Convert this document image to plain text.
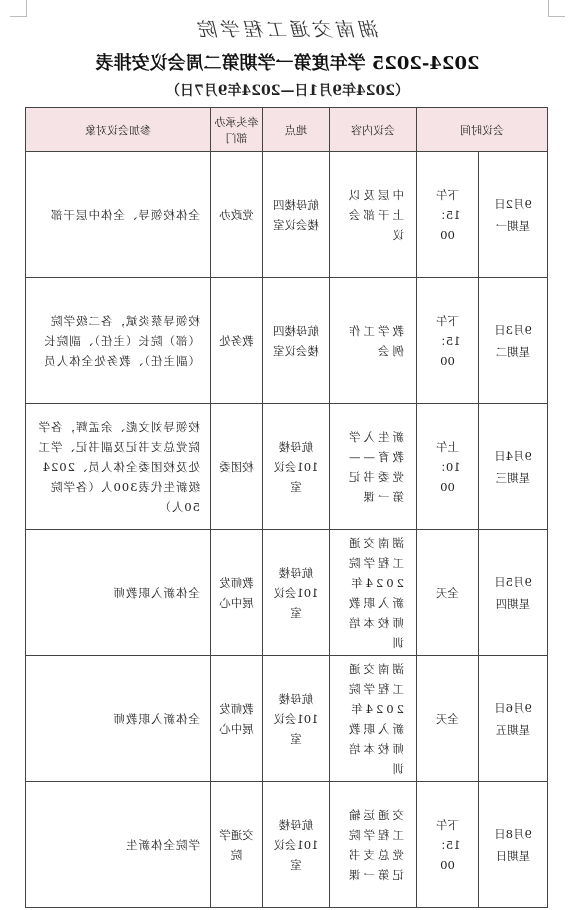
湖南交通工程学院
2024-2025 学年度第一学期第二周会议安排表
（2024年9月1日—2024年9月7日）
会议时间		会议内容	地点	牵头承办部门	参加会议对象

9月2日
星期一	下午15：00	中层及以上干部会议	航母楼四楼会议室	党政办	全体校领导、全体中层干部

9月3日
星期二	下午15：00	教学工作例会	航母楼四楼会议室	教务处	校领导蔡炎斌，各二级学院（部）院长（主任）、副院长（副主任）、教务处全体人员

9月4日
星期三	上午10：00	新生入学教育——党委书记第一课	航母楼101会议室	校团委	校领导刘文彪、余孟辉，各学院党总支书记及副书记、学工处及校团委全体人员、2024级新生代表300人（各学院50人）

9月5日
星期四	全天	湖南交通工程学院2024年新入职教师校本培训	航母楼101会议室	教师发展中心	全体新入职教师

9月6日
星期五	全天	湖南交通工程学院2024年新入职教师校本培训	航母楼101会议室	教师发展中心	全体新入职教师

9月8日
星期日	下午15：00	交通运输工程学院党总支书记第一课	航母楼101会议室	交通学院	学院全体新生
